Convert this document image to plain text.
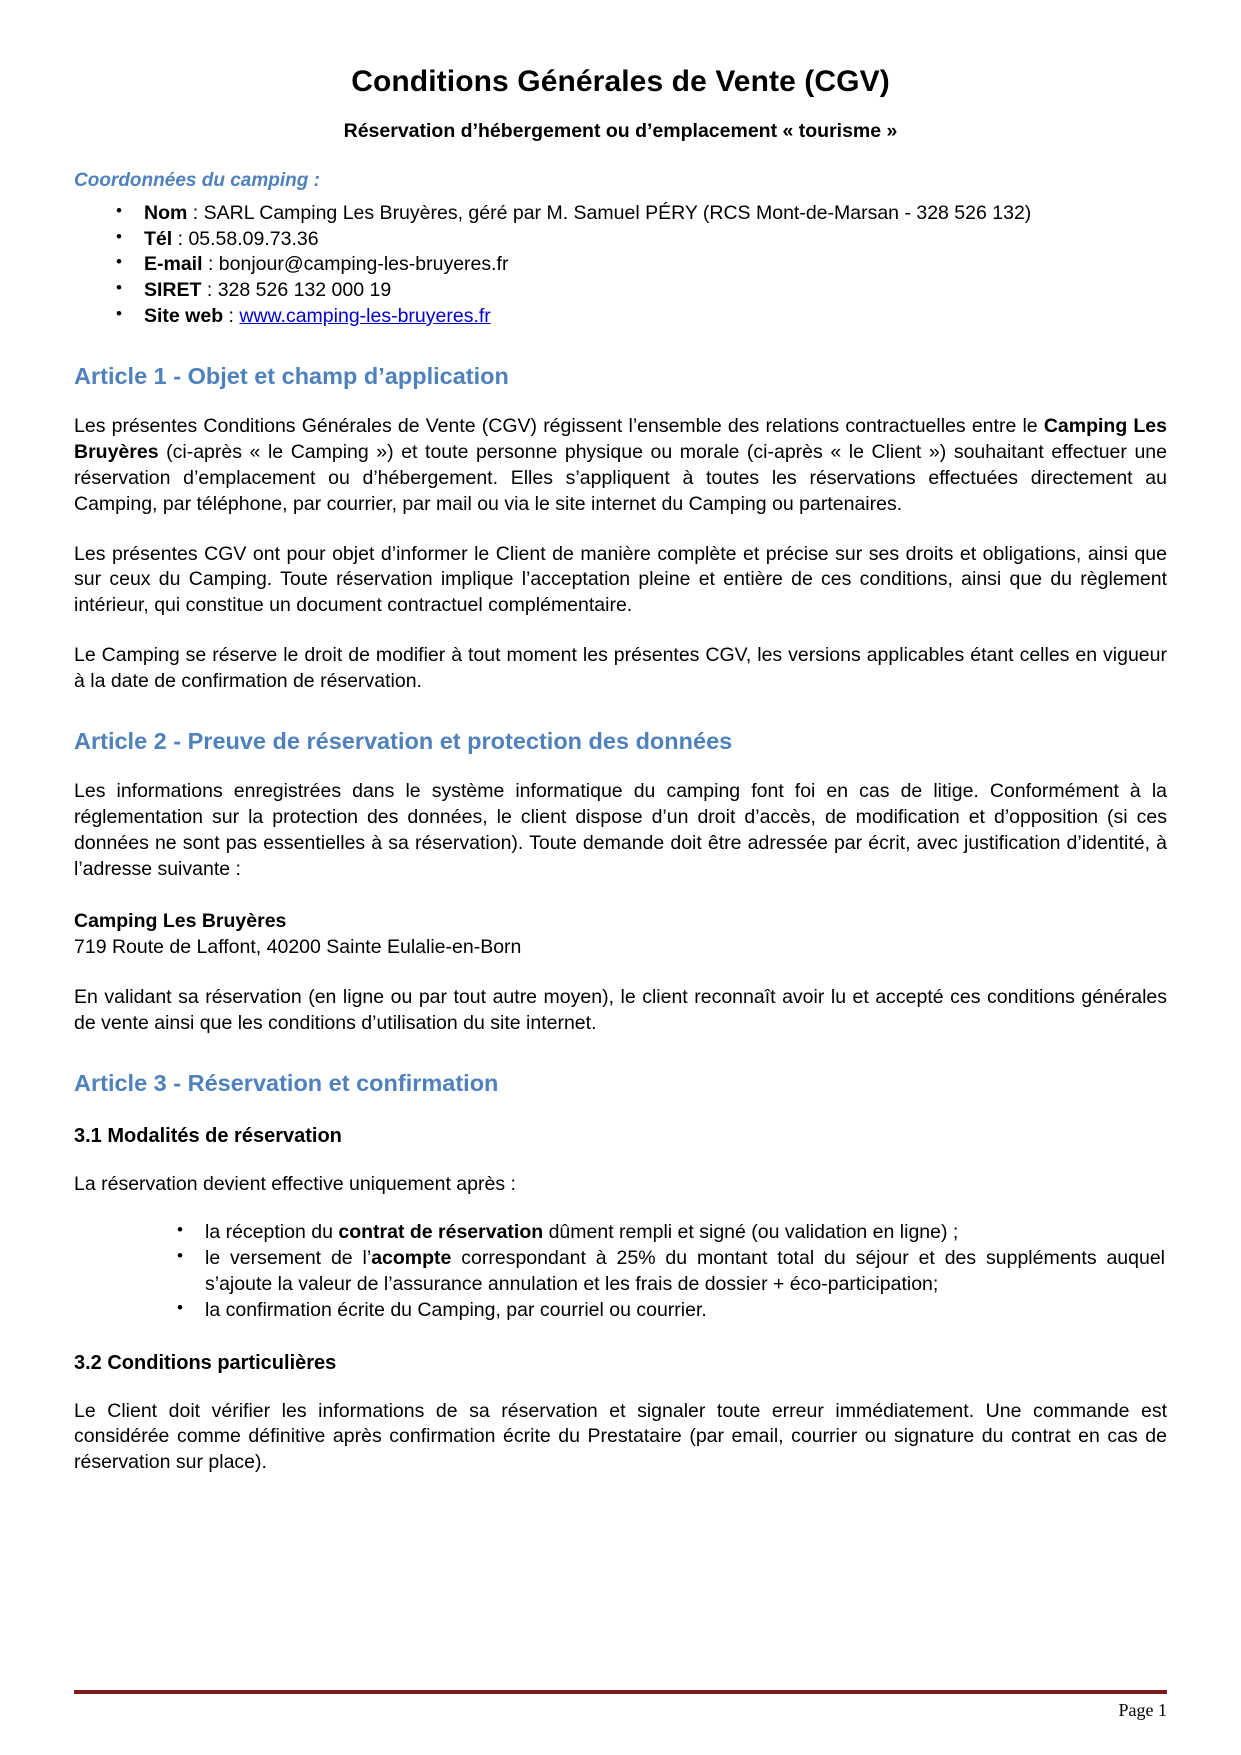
Conditions Générales de Vente (CGV)
Réservation d’hébergement ou d’emplacement « tourisme »
Coordonnées du camping :
• Nom : SARL Camping Les Bruyères, géré par M. Samuel PÉRY (RCS Mont-de-Marsan - 328 526 132)
• Tél : 05.58.09.73.36
• E-mail : bonjour@camping-les-bruyeres.fr
• SIRET : 328 526 132 000 19
• Site web : www.camping-les-bruyeres.fr
Article 1 - Objet et champ d’application

Les présentes Conditions Générales de Vente (CGV) régissent l’ensemble des relations contractuelles entre le Camping Les Bruyères (ci-après « le Camping ») et toute personne physique ou morale (ci-après « le Client ») souhaitant effectuer une réservation d’emplacement ou d’hébergement. Elles s’appliquent à toutes les réservations effectuées directement au Camping, par téléphone, par courrier, par mail ou via le site internet du Camping ou partenaires.

Les présentes CGV ont pour objet d’informer le Client de manière complète et précise sur ses droits et obligations, ainsi que sur ceux du Camping. Toute réservation implique l’acceptation pleine et entière de ces conditions, ainsi que du règlement intérieur, qui constitue un document contractuel complémentaire.

Le Camping se réserve le droit de modifier à tout moment les présentes CGV, les versions applicables étant celles en vigueur à la date de confirmation de réservation.

Article 2 - Preuve de réservation et protection des données

Les informations enregistrées dans le système informatique du camping font foi en cas de litige. Conformément à la réglementation sur la protection des données, le client dispose d’un droit d’accès, de modification et d’opposition (si ces données ne sont pas essentielles à sa réservation). Toute demande doit être adressée par écrit, avec justification d’identité, à l’adresse suivante :

Camping Les Bruyères
719 Route de Laffont, 40200 Sainte Eulalie-en-Born

En validant sa réservation (en ligne ou par tout autre moyen), le client reconnaît avoir lu et accepté ces conditions générales de vente ainsi que les conditions d’utilisation du site internet.

Article 3 - Réservation et confirmation
3.1 Modalités de réservation

La réservation devient effective uniquement après :

• la réception du contrat de réservation dûment rempli et signé (ou validation en ligne) ;
• le versement de l’acompte correspondant à 25% du montant total du séjour et des suppléments auquel s’ajoute la valeur de l’assurance annulation et les frais de dossier + éco-participation;
• la confirmation écrite du Camping, par courriel ou courrier.
3.2 Conditions particulières

Le Client doit vérifier les informations de sa réservation et signaler toute erreur immédiatement. Une commande est considérée comme définitive après confirmation écrite du Prestataire (par email, courrier ou signature du contrat en cas de réservation sur place).

Page 1
